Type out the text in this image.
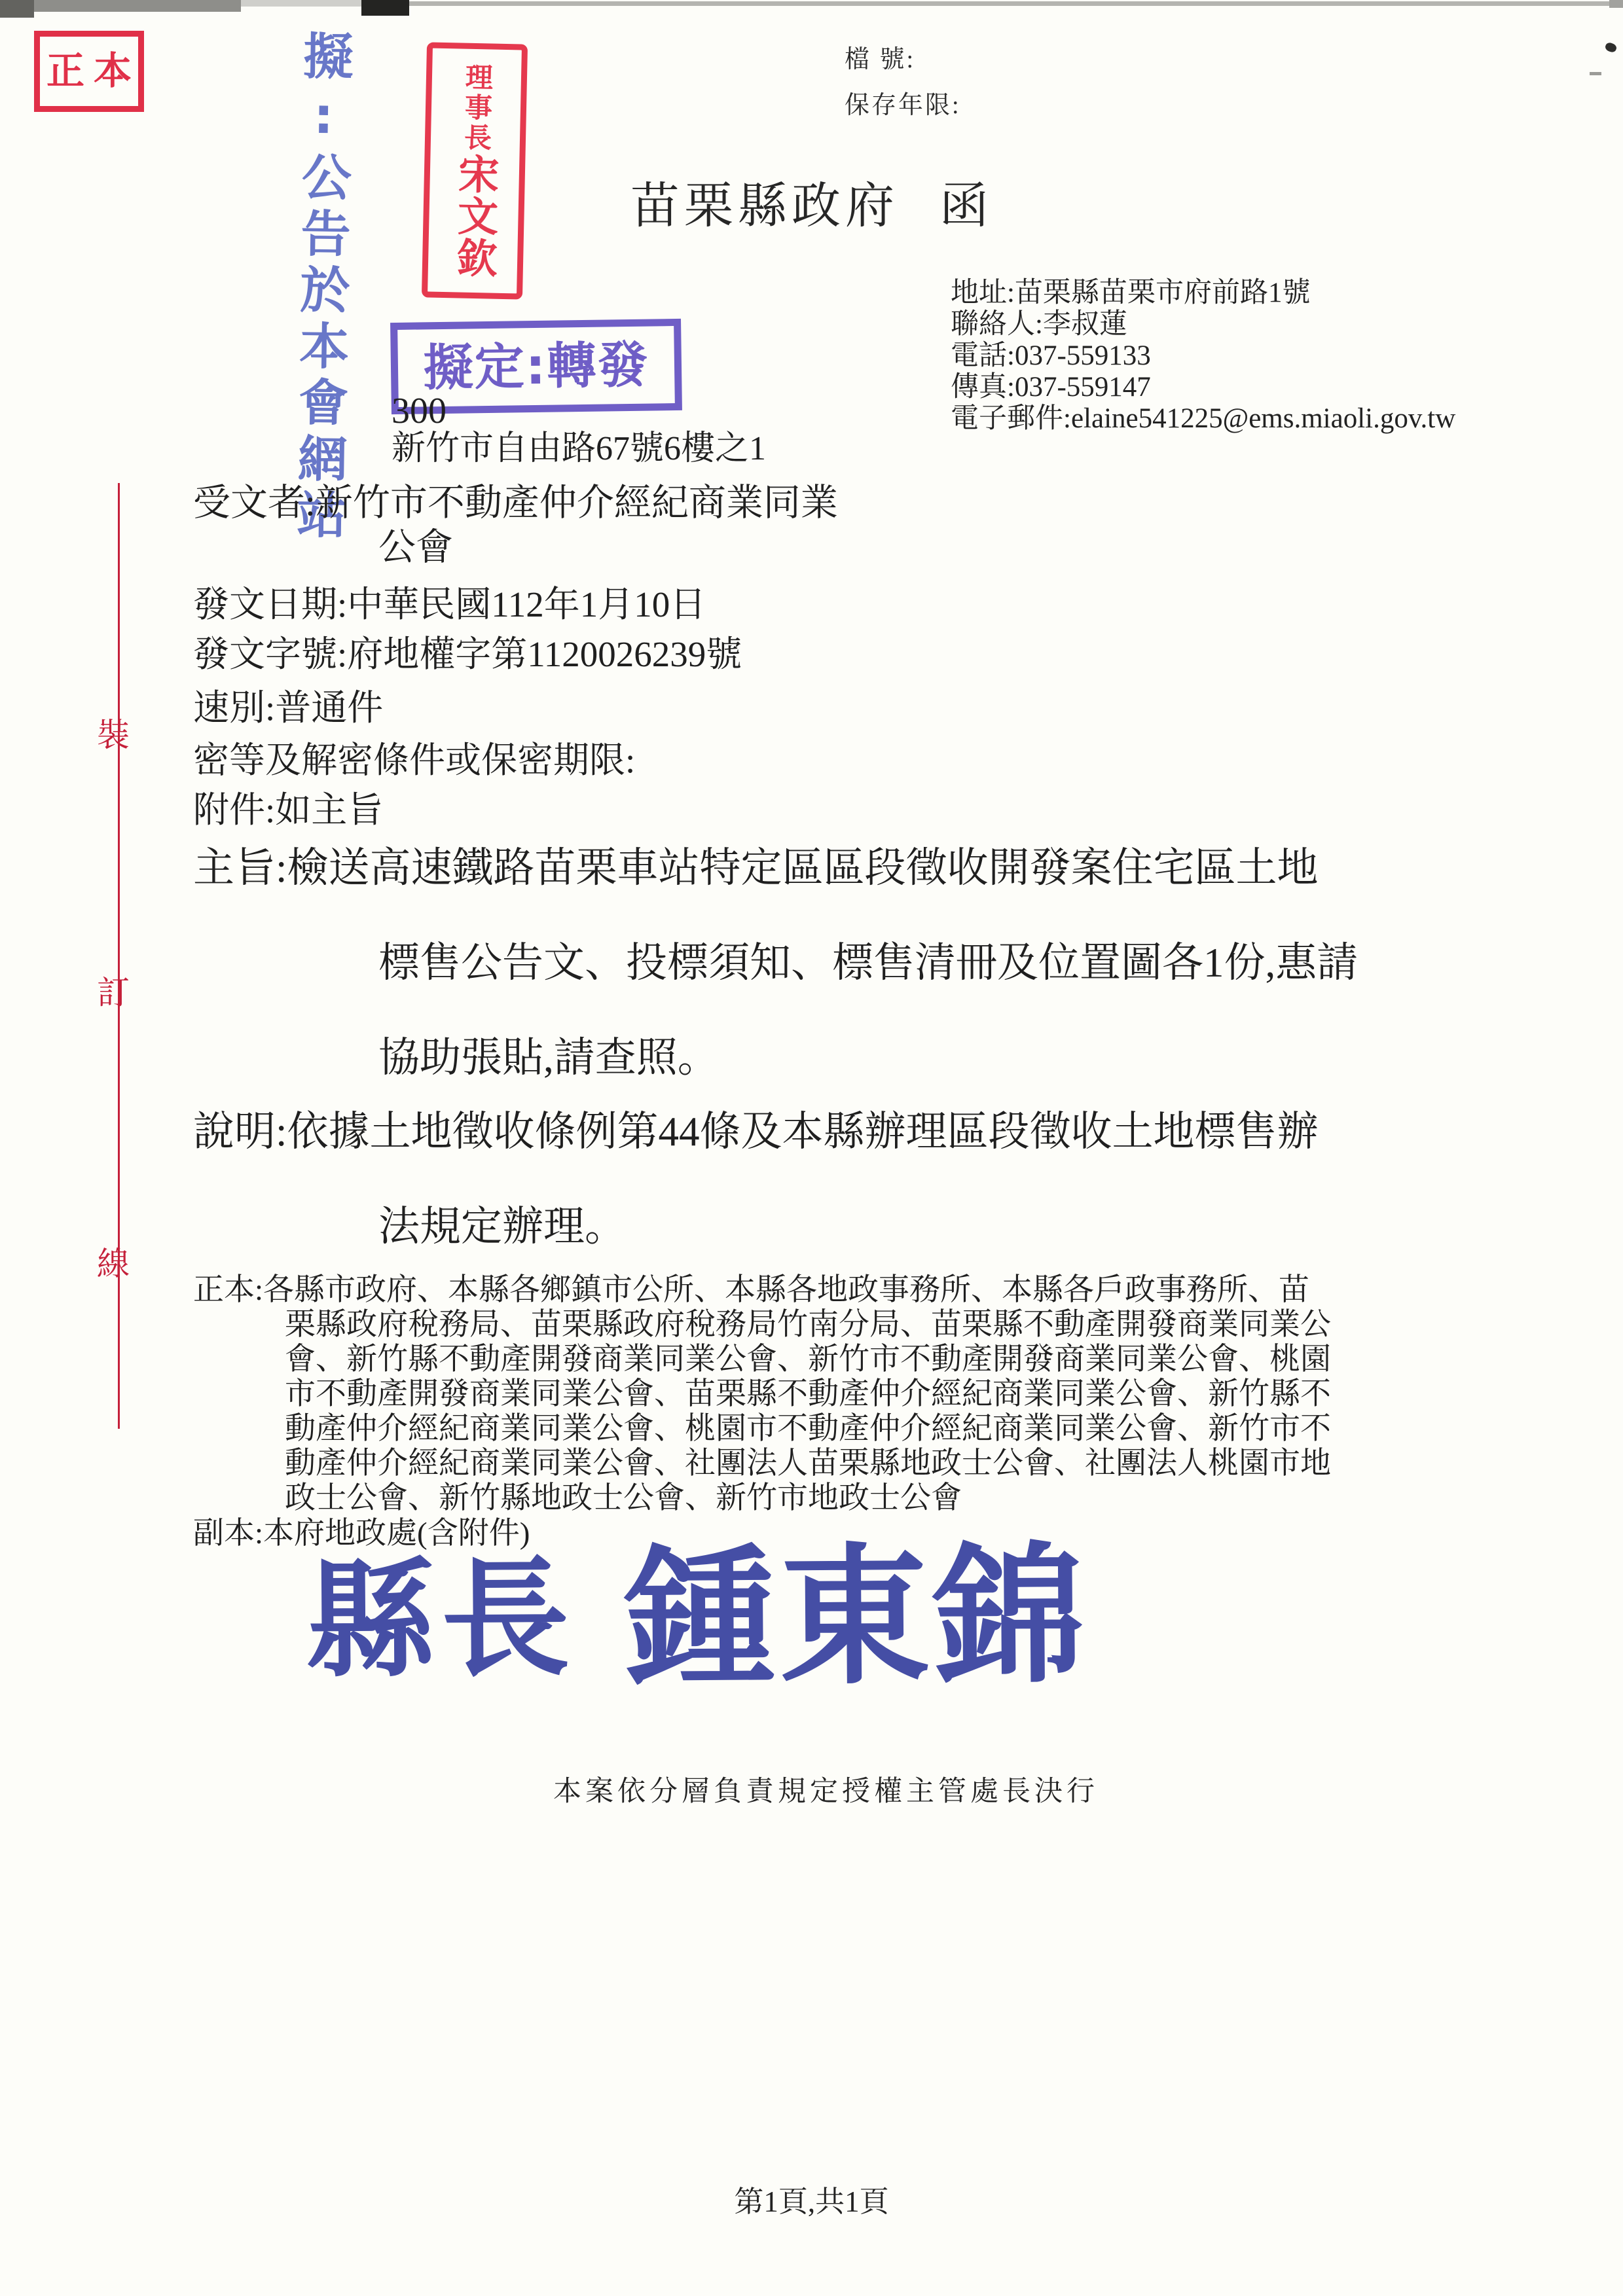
正本	擬:公告於本會網站	理事長宋文欽
擬定:轉發
檔 號:
保存年限:
苗栗縣政府 函
地址:苗栗縣苗栗市府前路1號
聯絡人:李叔蓮
電話:037-559133
傳真:037-559147
電子郵件:elaine541225@ems.miaoli.gov.tw
300
新竹市自由路67號6樓之1
受文者:新竹市不動產仲介經紀商業同業
公會
發文日期:中華民國112年1月10日
發文字號:府地權字第1120026239號
速別:普通件
密等及解密條件或保密期限:
附件:如主旨
主旨:檢送高速鐵路苗栗車站特定區區段徵收開發案住宅區土地
標售公告文、投標須知、標售清冊及位置圖各1份,惠請
協助張貼,請查照。
說明:依據土地徵收條例第44條及本縣辦理區段徵收土地標售辦
法規定辦理。
正本:各縣市政府、本縣各鄉鎮市公所、本縣各地政事務所、本縣各戶政事務所、苗
栗縣政府稅務局、苗栗縣政府稅務局竹南分局、苗栗縣不動產開發商業同業公
會、新竹縣不動產開發商業同業公會、新竹市不動產開發商業同業公會、桃園
市不動產開發商業同業公會、苗栗縣不動產仲介經紀商業同業公會、新竹縣不
動產仲介經紀商業同業公會、桃園市不動產仲介經紀商業同業公會、新竹市不
動產仲介經紀商業同業公會、社團法人苗栗縣地政士公會、社團法人桃園市地
政士公會、新竹縣地政士公會、新竹市地政士公會
副本:本府地政處(含附件)
裝
訂
線
縣長 鍾東錦
本案依分層負責規定授權主管處長決行
第1頁,共1頁
